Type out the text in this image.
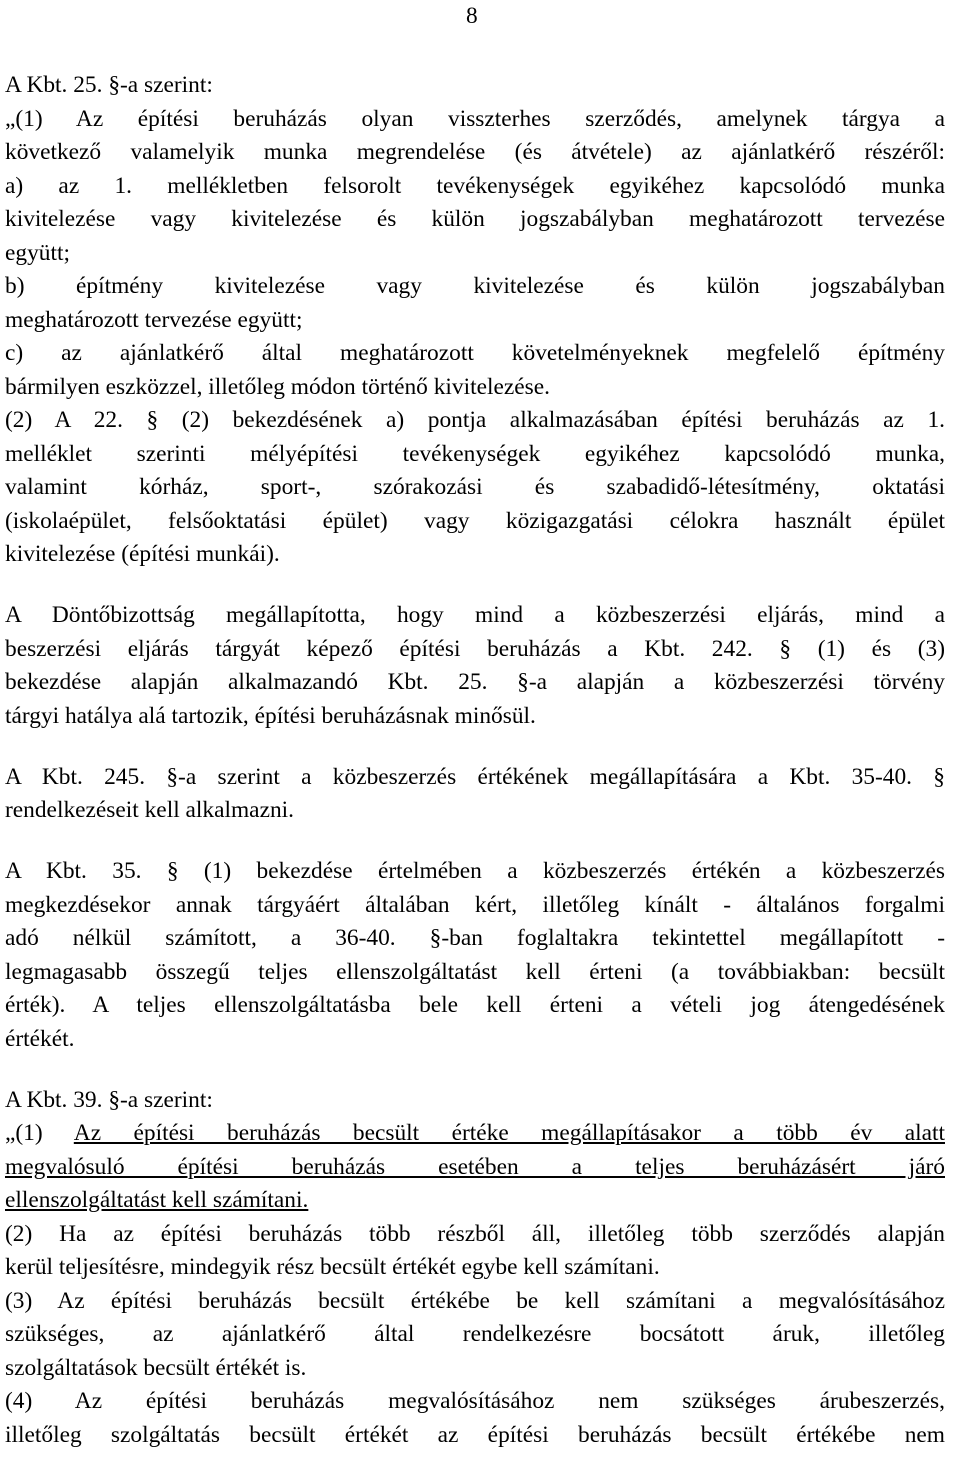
8
A Kbt. 25. §-a szerint:
„(1) Az építési beruházás olyan visszterhes szerződés, amelynek tárgya a
következő valamelyik munka megrendelése (és átvétele) az ajánlatkérő részéről:
a) az 1. mellékletben felsorolt tevékenységek egyikéhez kapcsolódó munka
kivitelezése vagy kivitelezése és külön jogszabályban meghatározott tervezése
együtt;
b) építmény kivitelezése vagy kivitelezése és külön jogszabályban
meghatározott tervezése együtt;
c) az ajánlatkérő által meghatározott követelményeknek megfelelő építmény
bármilyen eszközzel, illetőleg módon történő kivitelezése.
(2) A 22. § (2) bekezdésének a) pontja alkalmazásában építési beruházás az 1.
melléklet szerinti mélyépítési tevékenységek egyikéhez kapcsolódó munka,
valamint kórház, sport-, szórakozási és szabadidő-létesítmény, oktatási
(iskolaépület, felsőoktatási épület) vagy közigazgatási célokra használt épület
kivitelezése (építési munkái).
A Döntőbizottság megállapította, hogy mind a közbeszerzési eljárás, mind a
beszerzési eljárás tárgyát képező építési beruházás a Kbt. 242. § (1) és (3)
bekezdése alapján alkalmazandó Kbt. 25. §-a alapján a közbeszerzési törvény
tárgyi hatálya alá tartozik, építési beruházásnak minősül.
A Kbt. 245. §-a szerint a közbeszerzés értékének megállapítására a Kbt. 35-40. §
rendelkezéseit kell alkalmazni.
A Kbt. 35. § (1) bekezdése értelmében a közbeszerzés értékén a közbeszerzés
megkezdésekor annak tárgyáért általában kért, illetőleg kínált - általános forgalmi
adó nélkül számított, a 36-40. §-ban foglaltakra tekintettel megállapított -
legmagasabb összegű teljes ellenszolgáltatást kell érteni (a továbbiakban: becsült
érték). A teljes ellenszolgáltatásba bele kell érteni a vételi jog átengedésének
értékét.
A Kbt. 39. §-a szerint:
„(1) Az építési beruházás becsült értéke megállapításakor a több év alatt
megvalósuló építési beruházás esetében a teljes beruházásért járó
ellenszolgáltatást kell számítani.
(2) Ha az építési beruházás több részből áll, illetőleg több szerződés alapján
kerül teljesítésre, mindegyik rész becsült értékét egybe kell számítani.
(3) Az építési beruházás becsült értékébe be kell számítani a megvalósításához
szükséges, az ajánlatkérő által rendelkezésre bocsátott áruk, illetőleg
szolgáltatások becsült értékét is.
(4) Az építési beruházás megvalósításához nem szükséges árubeszerzés,
illetőleg szolgáltatás becsült értékét az építési beruházás becsült értékébe nem
